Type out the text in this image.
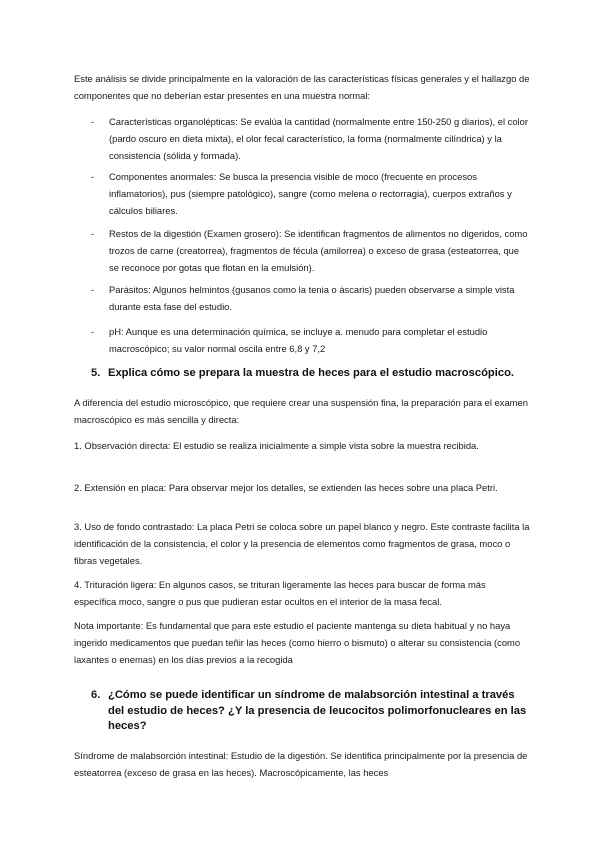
Este análisis se divide principalmente en la valoración de las características físicas generales y el hallazgo de componentes que no deberían estar presentes en una muestra normal:

- Características organolépticas: Se evalúa la cantidad (normalmente entre 150-250 g diarios), el color (pardo oscuro en dieta mixta), el olor fecal característico, la forma (normalmente cilíndrica) y la consistencia (sólida y formada).

- Componentes anormales: Se busca la presencia visible de moco (frecuente en procesos inflamatorios), pus (siempre patológico), sangre (como melena o rectorragia), cuerpos extraños y cálculos biliares.

- Restos de la digestión (Examen grosero): Se identifican fragmentos de alimentos no digeridos, como trozos de carne (creatorrea), fragmentos de fécula (amilorrea) o exceso de grasa (esteatorrea, que se reconoce por gotas que flotan en la emulsión).

- Parásitos: Algunos helmintos (gusanos como la tenia o áscaris) pueden observarse a simple vista durante esta fase del estudio.

- pH: Aunque es una determinación química, se incluye a. menudo para completar el estudio macroscópico; su valor normal oscila entre 6,8 y 7,2

5. Explica cómo se prepara la muestra de heces para el estudio macroscópico.

A diferencia del estudio microscópico, que requiere crear una suspensión fina, la preparación para el examen macroscópico es más sencilla y directa:

1. Observación directa: El estudio se realiza inicialmente a simple vista sobre la muestra recibida.

2. Extensión en placa: Para observar mejor los detalles, se extienden las heces sobre una placa Petri.

3. Uso de fondo contrastado: La placa Petri se coloca sobre un papel blanco y negro. Este contraste facilita la identificación de la consistencia, el color y la presencia de elementos como fragmentos de grasa, moco o fibras vegetales.

4. Trituración ligera: En algunos casos, se trituran ligeramente las heces para buscar de forma más específica moco, sangre o pus que pudieran estar ocultos en el interior de la masa fecal.

Nota importante: Es fundamental que para este estudio el paciente mantenga su dieta habitual y no haya ingerido medicamentos que puedan teñir las heces (como hierro o bismuto) o alterar su consistencia (como laxantes o enemas) en los días previos a la recogida

6. ¿Cómo se puede identificar un síndrome de malabsorción intestinal a través del estudio de heces? ¿Y la presencia de leucocitos polimorfonucleares en las heces?

Síndrome de malabsorción intestinal: Estudio de la digestión. Se identifica principalmente por la presencia de esteatorrea (exceso de grasa en las heces). Macroscópicamente, las heces
